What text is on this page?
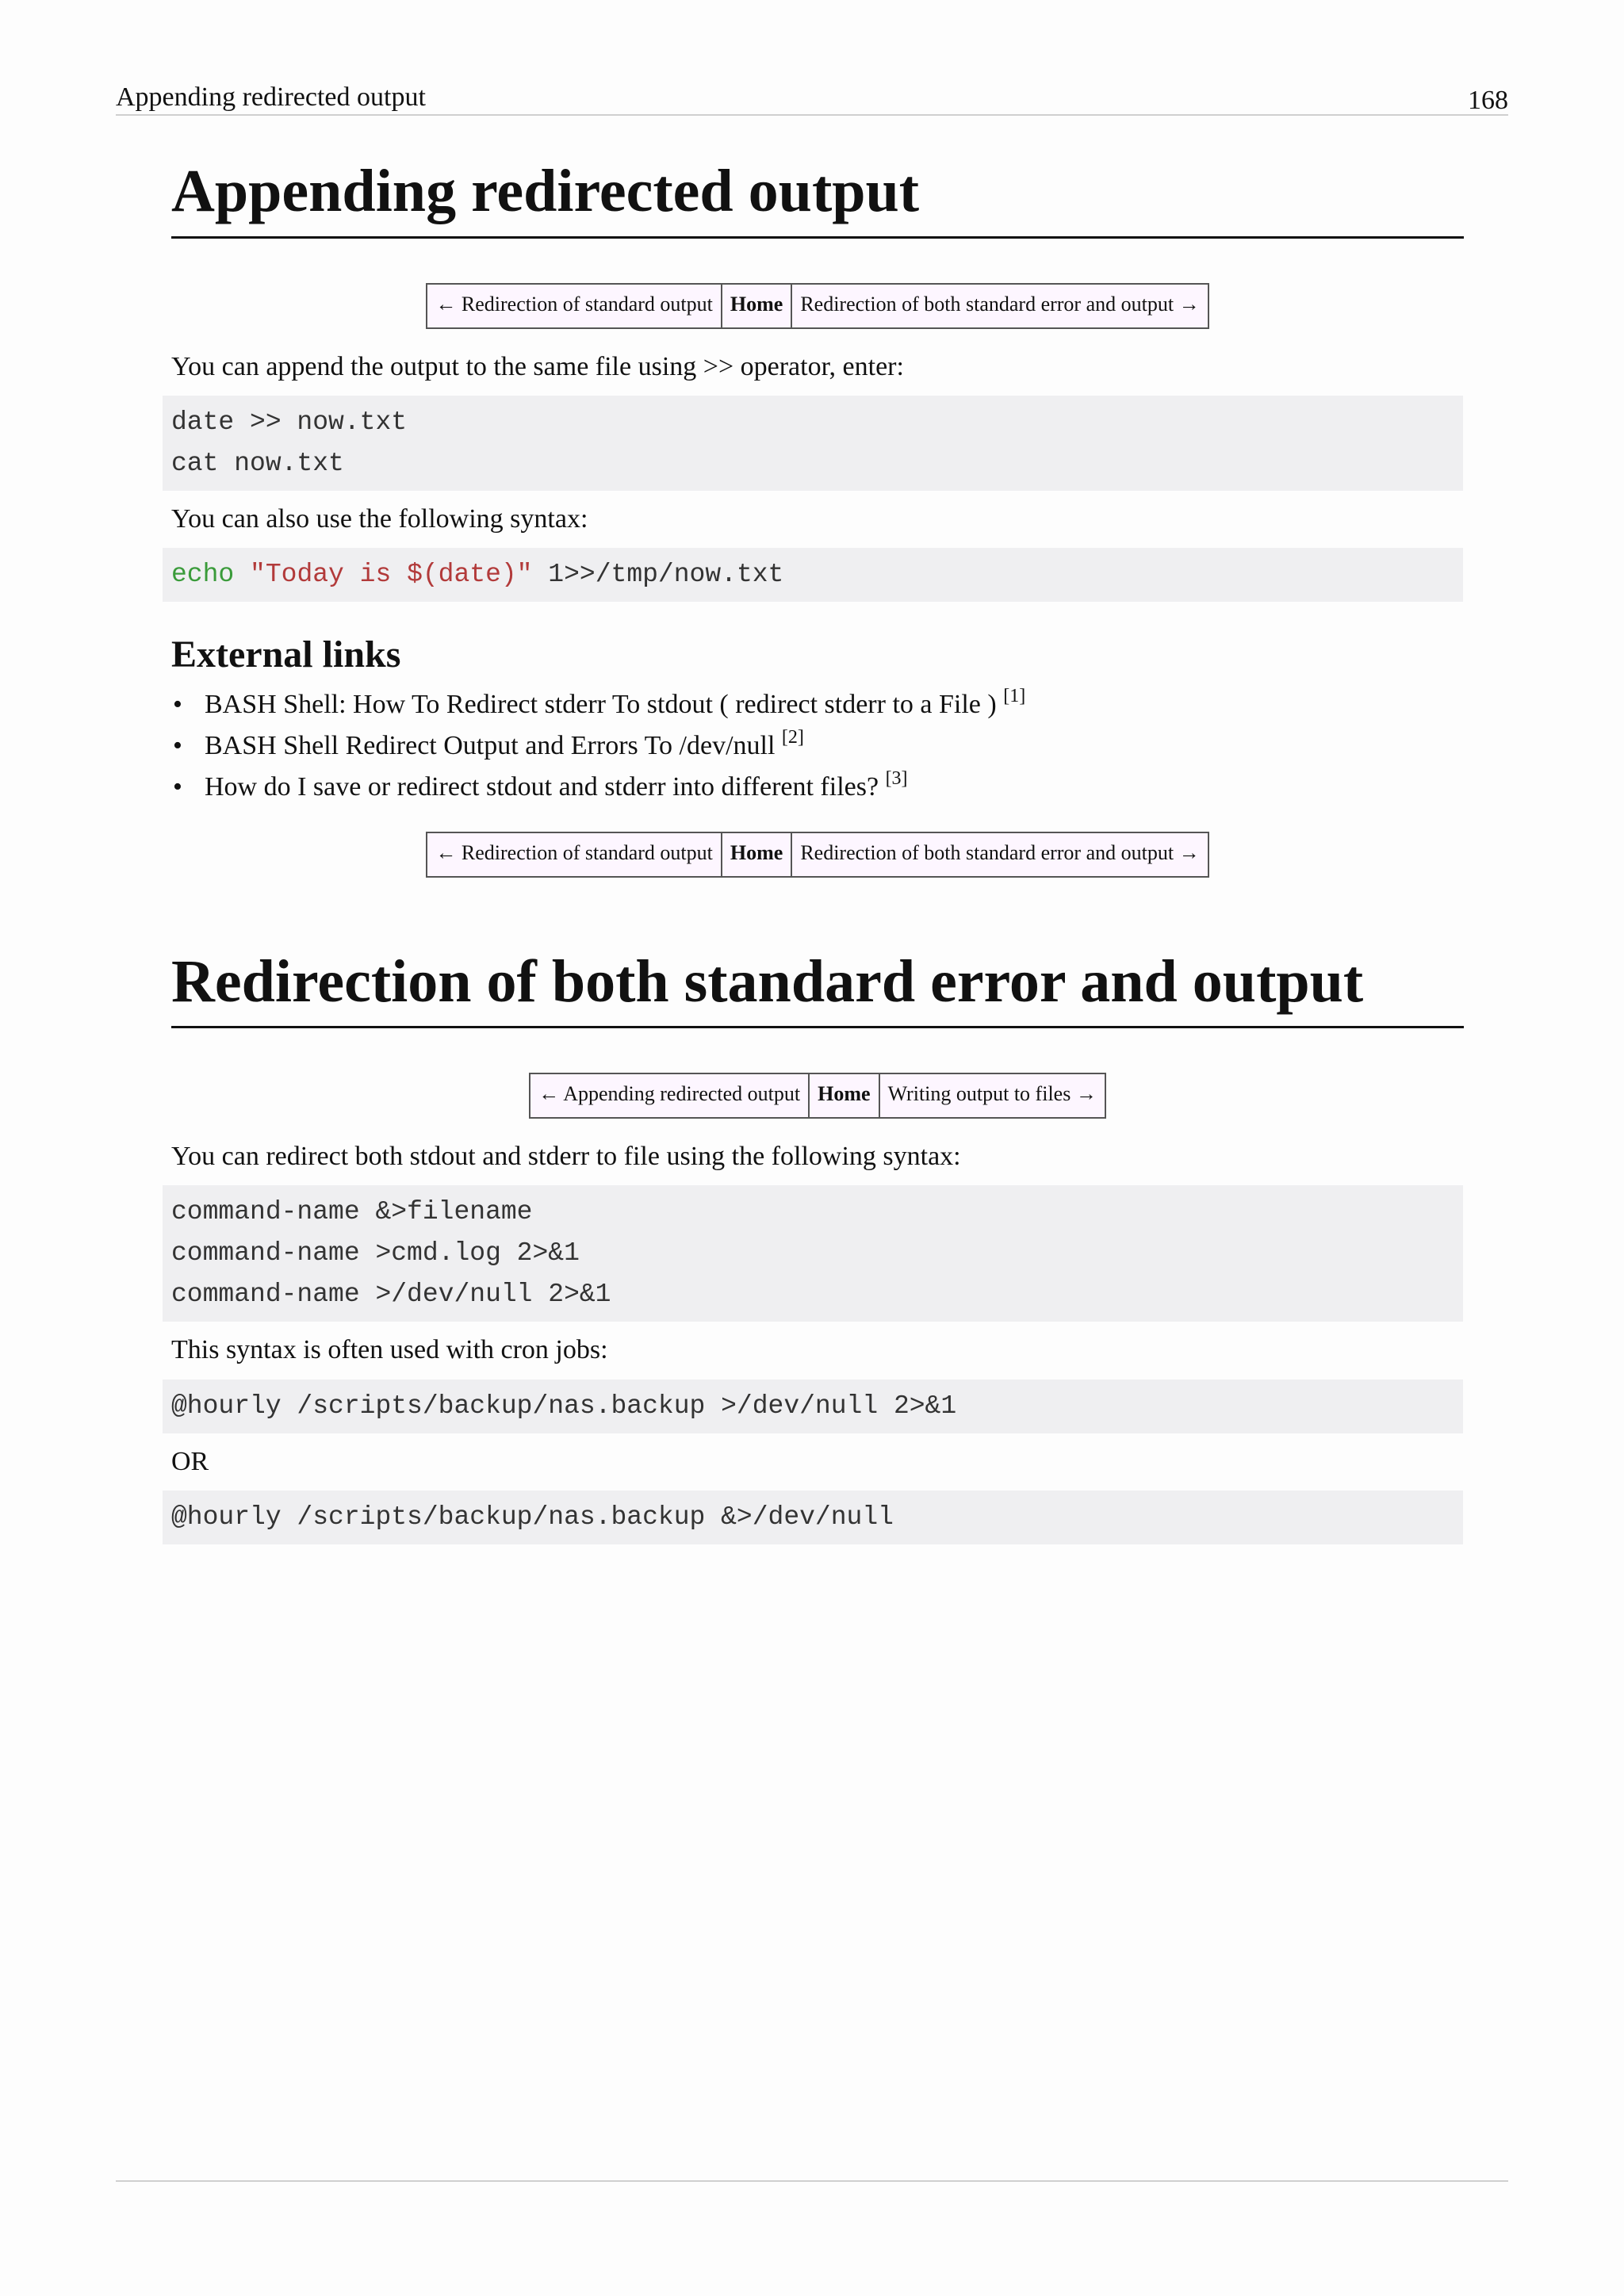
Appending redirected output	168
Appending redirected output
← Redirection of standard output	Home	Redirection of both standard error and output →

You can append the output to the same file using >> operator, enter:

date >> now.txt
cat now.txt

You can also use the following syntax:

echo "Today is $(date)" 1>>/tmp/now.txt
External links
• BASH Shell: How To Redirect stderr To stdout ( redirect stderr to a File ) [1]
• BASH Shell Redirect Output and Errors To /dev/null [2]
• How do I save or redirect stdout and stderr into different files? [3]
← Redirection of standard output	Home	Redirection of both standard error and output →
Redirection of both standard error and output
← Appending redirected output	Home	Writing output to files →

You can redirect both stdout and stderr to file using the following syntax:

command-name &>filename
command-name >cmd.log 2>&1
command-name >/dev/null 2>&1

This syntax is often used with cron jobs:

@hourly /scripts/backup/nas.backup >/dev/null 2>&1

OR

@hourly /scripts/backup/nas.backup &>/dev/null
